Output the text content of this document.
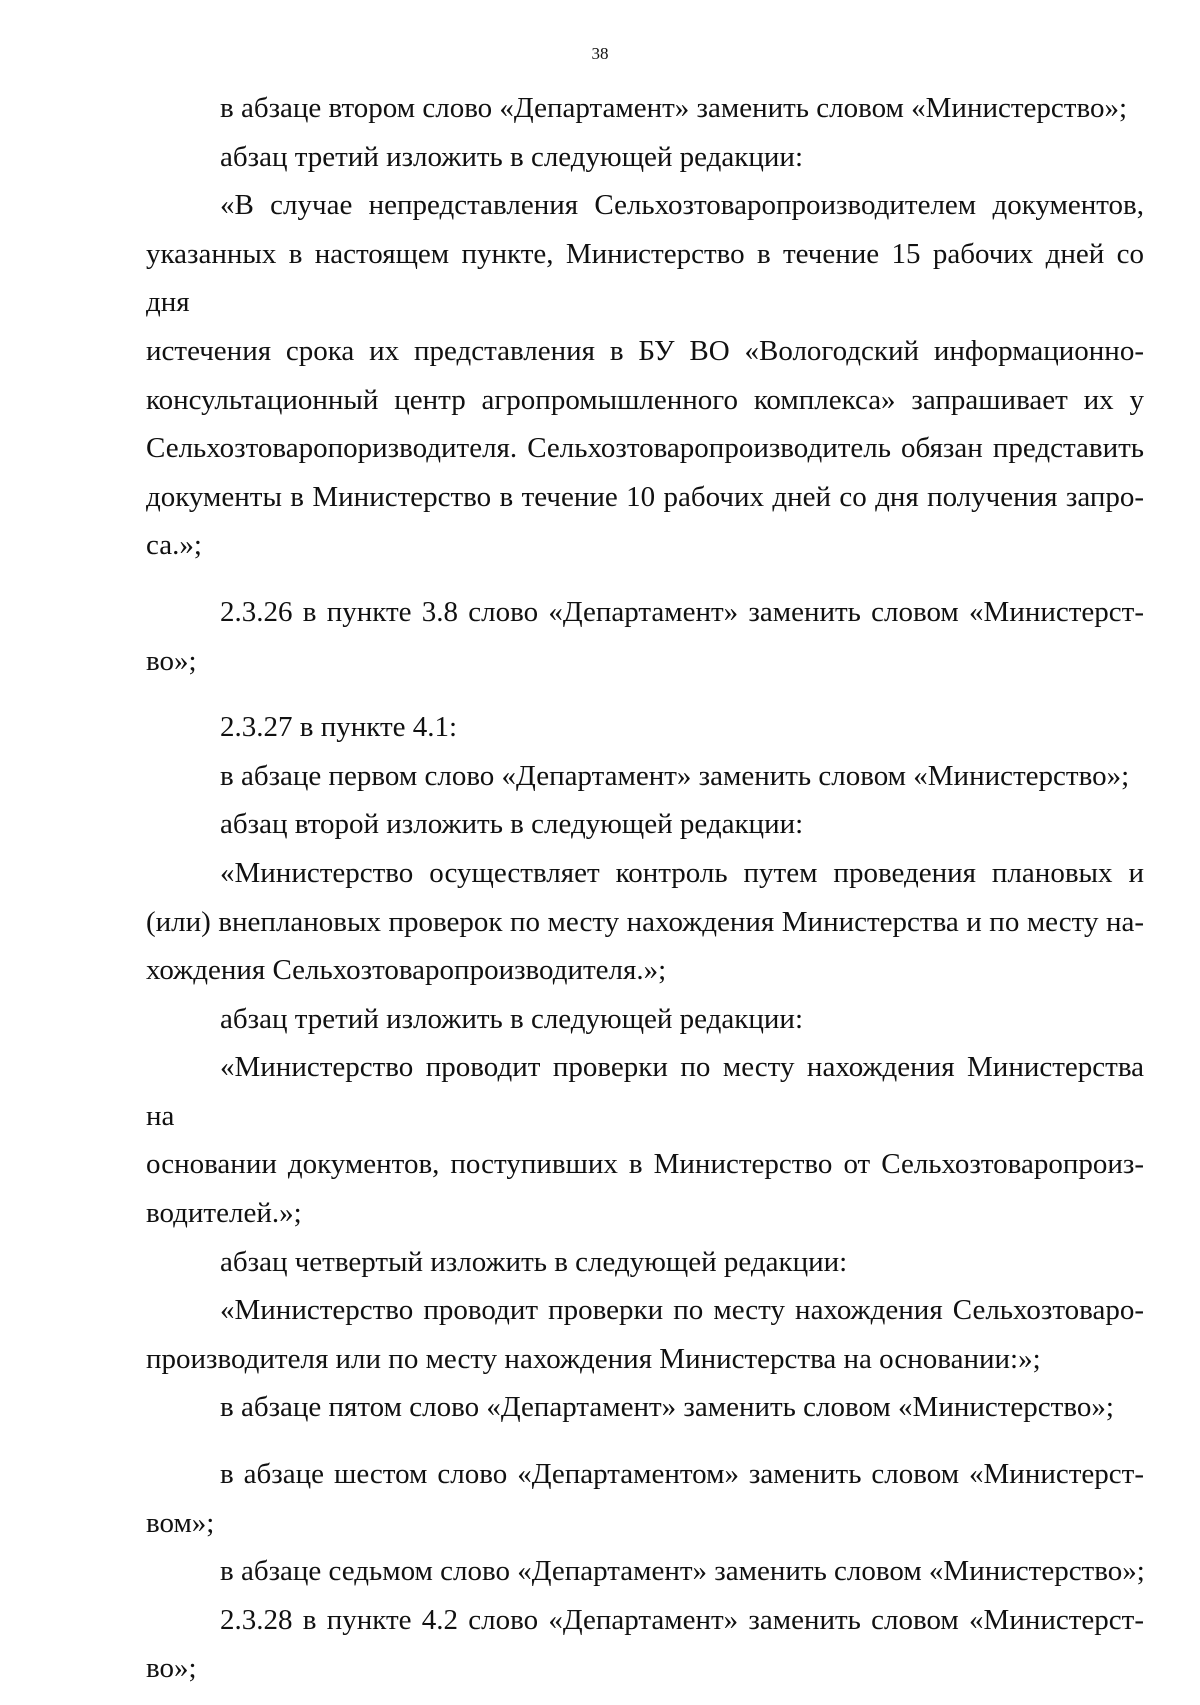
38
в абзаце втором слово «Департамент» заменить словом «Министерство»;
абзац третий изложить в следующей редакции:
«В случае непредставления Сельхозтоваропроизводителем документов,
указанных в настоящем пункте, Министерство в течение 15 рабочих дней со дня
истечения срока их представления в БУ ВО «Вологодский информационно-
консультационный центр агропромышленного комплекса» запрашивает их у
Сельхозтоваропоризводителя. Сельхозтоваропроизводитель обязан представить
документы в Министерство в течение 10 рабочих дней со дня получения запро-
са.»;
2.3.26 в пункте 3.8 слово «Департамент» заменить словом «Министерст-
во»;
2.3.27 в пункте 4.1:
в абзаце первом слово «Департамент» заменить словом «Министерство»;
абзац второй изложить в следующей редакции:
«Министерство осуществляет контроль путем проведения плановых и
(или) внеплановых проверок по месту нахождения Министерства и по месту на-
хождения Сельхозтоваропроизводителя.»;
абзац третий изложить в следующей редакции:
«Министерство проводит проверки по месту нахождения Министерства на
основании документов, поступивших в Министерство от Сельхозтоваропроиз-
водителей.»;
абзац четвертый изложить в следующей редакции:
«Министерство проводит проверки по месту нахождения Сельхозтоваро-
производителя или по месту нахождения Министерства на основании:»;
в абзаце пятом слово «Департамент» заменить словом «Министерство»;
в абзаце шестом слово «Департаментом» заменить словом «Министерст-
вом»;
в абзаце седьмом слово «Департамент» заменить словом «Министерство»;
2.3.28 в пункте 4.2 слово «Департамент» заменить словом «Министерст-
во»;
